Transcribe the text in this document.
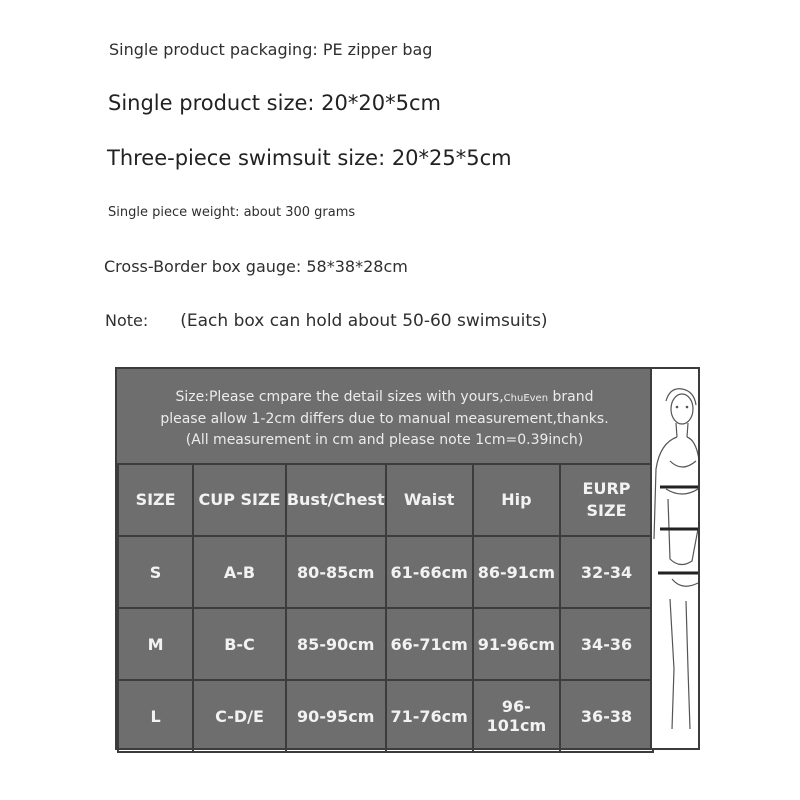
Single product packaging: PE zipper bag
Single product size: 20*20*5cm
Three-piece swimsuit size: 20*25*5cm
Single piece weight: about 300 grams
Cross-Border box gauge: 58*38*28cm
Note: (Each box can hold about 50-60 swimsuits)
Size:Please cmpare the detail sizes with yours,ChuEven brand
please allow 1-2cm differs due to manual measurement,thanks.
(All measurement in cm and please note 1cm=0.39inch)
SIZE	CUP SIZE	Bust/Chest	Waist	Hip	EURP SIZE
S	A-B	80-85cm	61-66cm	86-91cm	32-34
M	B-C	85-90cm	66-71cm	91-96cm	34-36
L	C-D/E	90-95cm	71-76cm	96-101cm	36-38
